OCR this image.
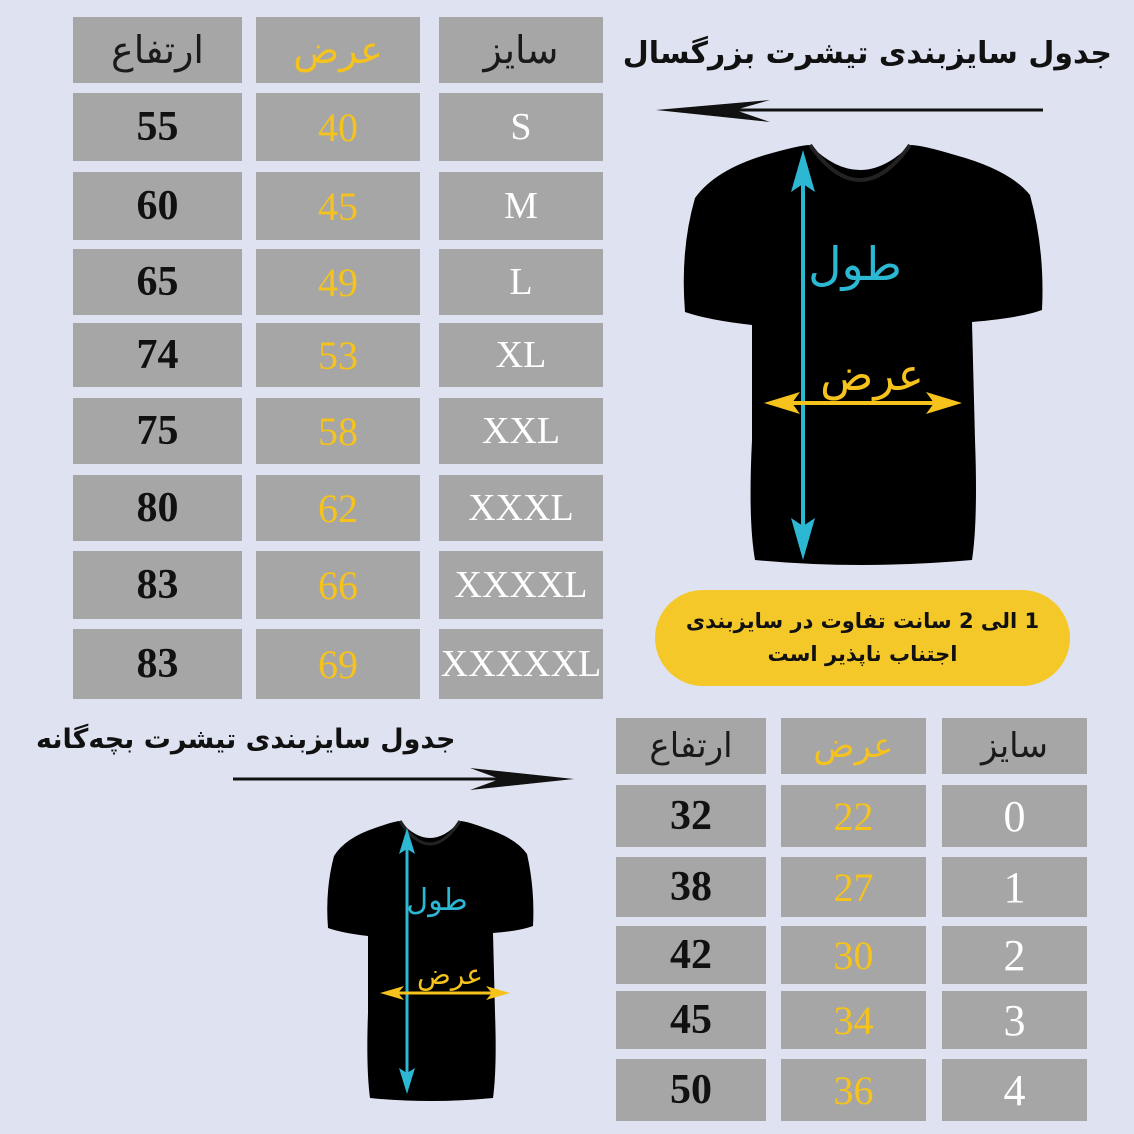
ارتفاع	عرض	سایز
55	40	S
60	45	M
65	49	L
74	53	XL
75	58	XXL
80	62	XXXL
83	66	XXXXL
83	69	XXXXXL
جدول سایزبندی تیشرت بزرگسال
طول
عرض
1 الی 2 سانت تفاوت در سایزبندی
اجتناب ناپذیر است
ارتفاع	عرض	سایز
32	22	0
38	27	1
42	30	2
45	34	3
50	36	4
جدول سایزبندی تیشرت بچه‌گانه
طول
عرض
